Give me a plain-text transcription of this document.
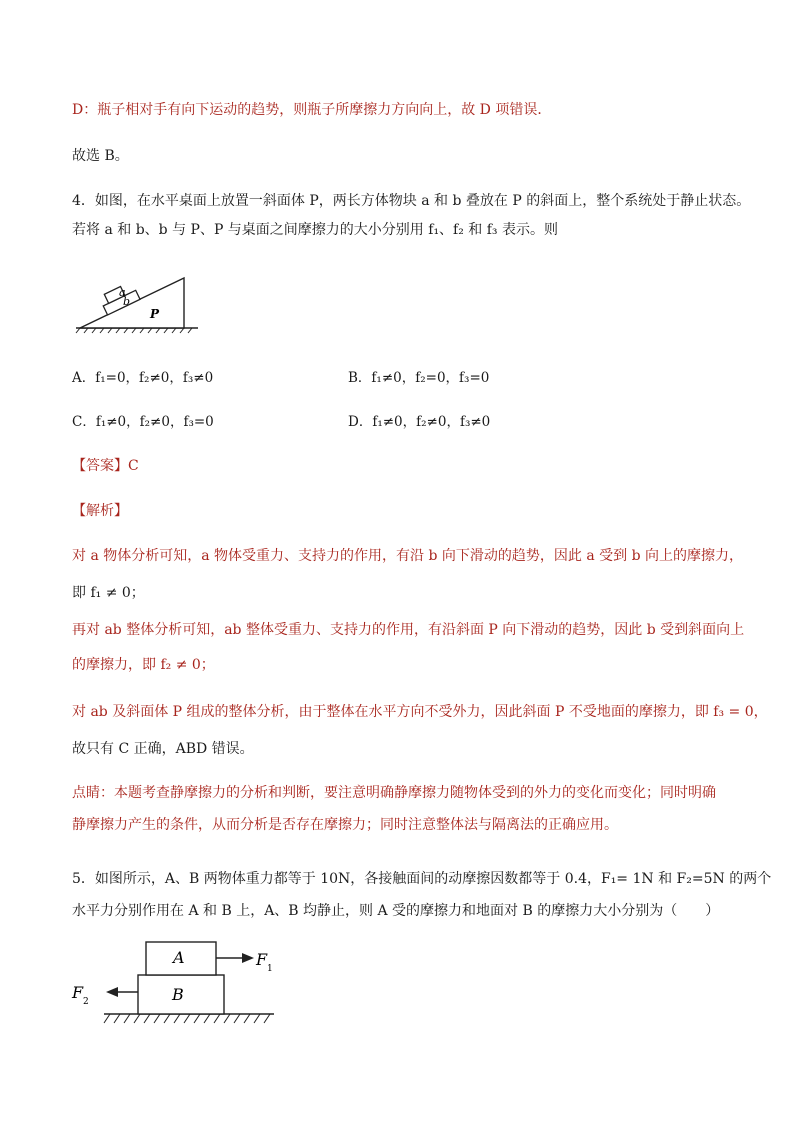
D：瓶子相对手有向下运动的趋势，则瓶子所摩擦力方向向上，故 D 项错误．
故选 B。
4．如图，在水平桌面上放置一斜面体 P，两长方体物块 a 和 b 叠放在 P 的斜面上，整个系统处于静止状态。
若将 a 和 b、b 与 P、P 与桌面之间摩擦力的大小分别用 f₁、f₂ 和 f₃ 表示。则
a
b
P
A．f₁=0，f₂≠0，f₃≠0	B．f₁≠0，f₂=0，f₃=0
C．f₁≠0，f₂≠0，f₃=0	D．f₁≠0，f₂≠0，f₃≠0
【答案】C
【解析】
对 a 物体分析可知，a 物体受重力、支持力的作用，有沿 b 向下滑动的趋势，因此 a 受到 b 向上的摩擦力，
即 f₁ ≠ 0；
再对 ab 整体分析可知，ab 整体受重力、支持力的作用，有沿斜面 P 向下滑动的趋势，因此 b 受到斜面向上
的摩擦力，即 f₂ ≠ 0；
对 ab 及斜面体 P 组成的整体分析，由于整体在水平方向不受外力，因此斜面 P 不受地面的摩擦力，即 f₃ = 0，
故只有 C 正确，ABD 错误。
点睛：本题考查静摩擦力的分析和判断，要注意明确静摩擦力随物体受到的外力的变化而变化；同时明确
静摩擦力产生的条件，从而分析是否存在摩擦力；同时注意整体法与隔离法的正确应用。
5．如图所示，A、B 两物体重力都等于 10N，各接触面间的动摩擦因数都等于 0.4，F₁= 1N 和 F₂=5N 的两个
水平力分别作用在 A 和 B 上，A、B 均静止，则 A 受的摩擦力和地面对 B 的摩擦力大小分别为（　　）
A
B
F 1
F 2
